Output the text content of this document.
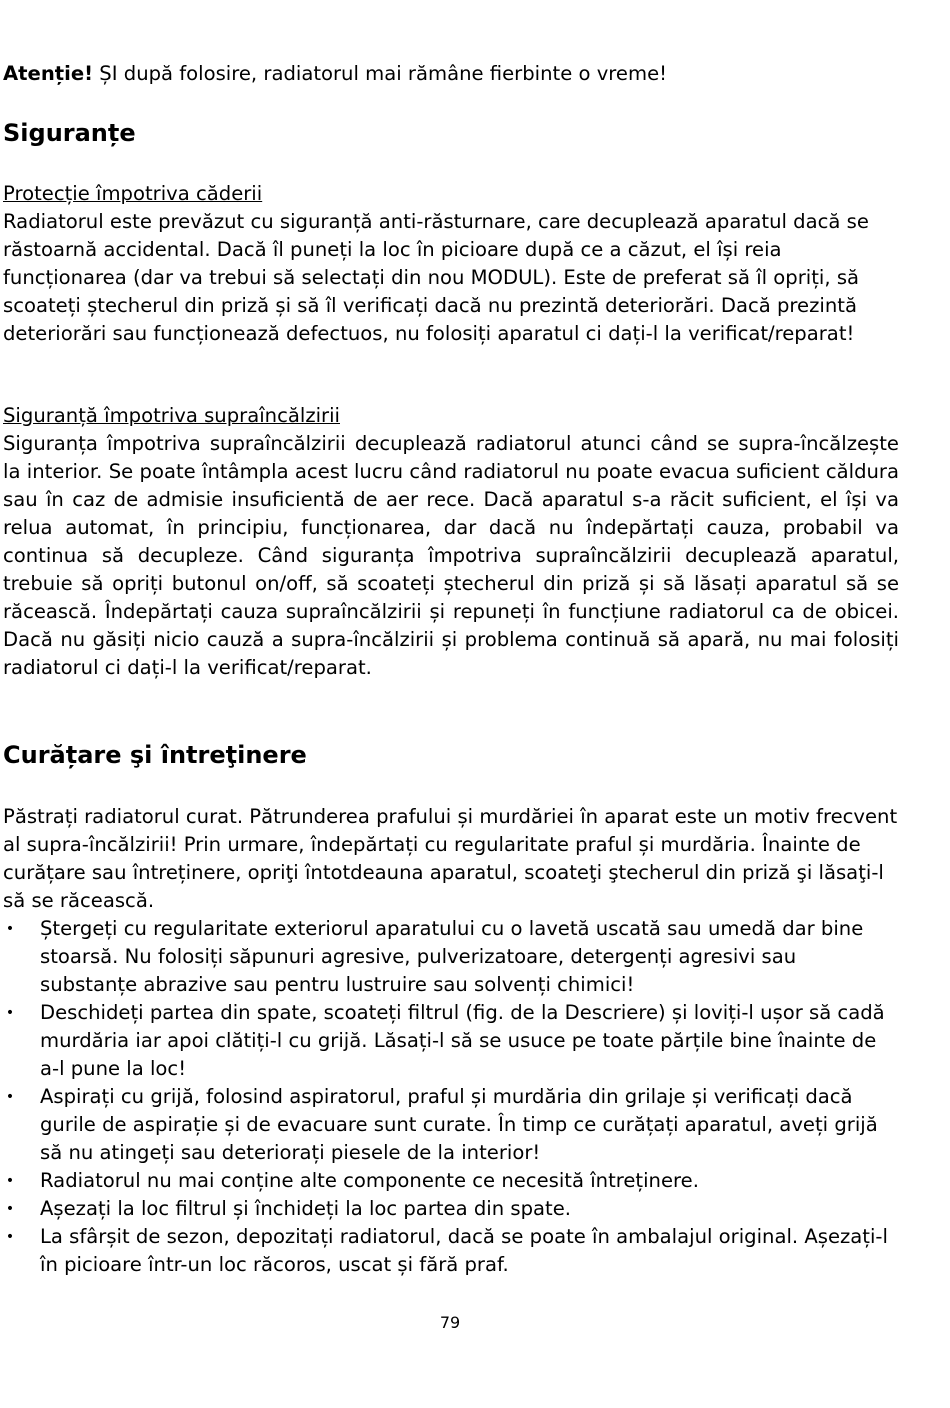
Atenție! ȘI după folosire, radiatorul mai rămâne fierbinte o vreme!

Siguranțe

Protecție împotriva căderii

Radiatorul este prevăzut cu siguranță anti-răsturnare, care decuplează aparatul dacă se răstoarnă accidental. Dacă îl puneți la loc în picioare după ce a căzut, el își reia funcționarea (dar va trebui să selectați din nou MODUL). Este de preferat să îl opriți, să scoateți ștecherul din priză și să îl verificați dacă nu prezintă deteriorări. Dacă prezintă deteriorări sau funcționează defectuos, nu folosiți aparatul ci dați-l la verificat/reparat!

Siguranță împotriva supraîncălzirii

Siguranța împotriva supraîncălzirii decuplează radiatorul atunci când se supra-încălzește la interior. Se poate întâmpla acest lucru când radiatorul nu poate evacua suficient căldura sau în caz de admisie insuficientă de aer rece. Dacă aparatul s-a răcit suficient, el își va relua automat, în principiu, funcționarea, dar dacă nu îndepărtați cauza, probabil va continua să decupleze. Când siguranța împotriva supraîncălzirii decuplează aparatul, trebuie să opriți butonul on/off, să scoateți ștecherul din priză și să lăsați aparatul să se răcească. Îndepărtați cauza supraîncălzirii și repuneți în funcțiune radiatorul ca de obicei. Dacă nu găsiți nicio cauză a supra-încălzirii și problema continuă să apară, nu mai folosiți radiatorul ci dați-l la verificat/reparat.

Curățare şi întreţinere

Păstrați radiatorul curat. Pătrunderea prafului și murdăriei în aparat este un motiv frecvent al supra-încălzirii! Prin urmare, îndepărtați cu regularitate praful și murdăria. Înainte de curățare sau întreținere, opriţi întotdeauna aparatul, scoateţi ştecherul din priză şi lăsaţi-l să se răcească.

• Ștergeți cu regularitate exteriorul aparatului cu o lavetă uscată sau umedă dar bine stoarsă. Nu folosiți săpunuri agresive, pulverizatoare, detergenți agresivi sau substanțe abrazive sau pentru lustruire sau solvenți chimici!
• Deschideți partea din spate, scoateți filtrul (fig. de la Descriere) și loviți-l ușor să cadă murdăria iar apoi clătiți-l cu grijă. Lăsați-l să se usuce pe toate părțile bine înainte de a-l pune la loc!
• Aspirați cu grijă, folosind aspiratorul, praful și murdăria din grilaje și verificați dacă gurile de aspirație și de evacuare sunt curate. În timp ce curățați aparatul, aveți grijă să nu atingeți sau deteriorați piesele de la interior!
• Radiatorul nu mai conține alte componente ce necesită întreținere.
• Așezați la loc filtrul și închideți la loc partea din spate.
• La sfârșit de sezon, depozitați radiatorul, dacă se poate în ambalajul original. Așezați-l în picioare într-un loc răcoros, uscat și fără praf.
79
